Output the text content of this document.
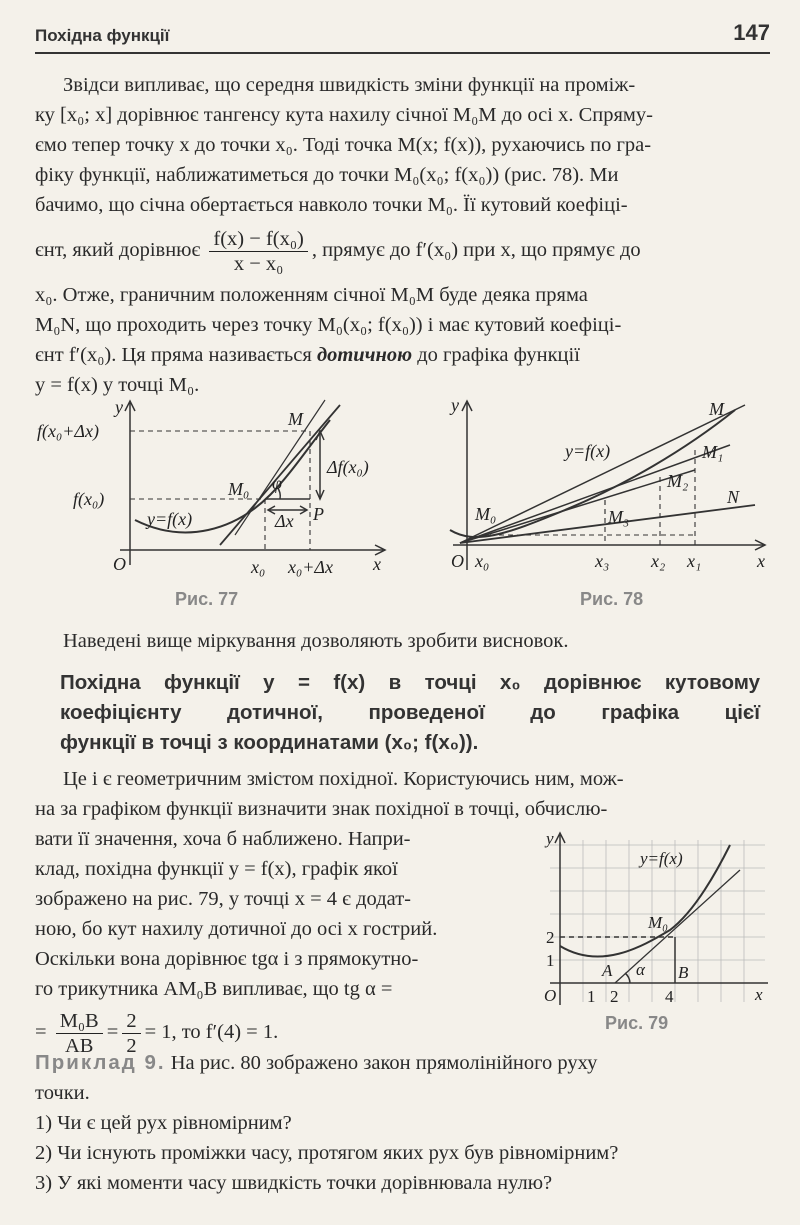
Похідна функції	147

Звідси випливає, що середня швидкість зміни функції на проміж-

ку [x₀; x] дорівнює тангенсу кута нахилу січної M₀M до осі x. Спряму-

ємо тепер точку x до точки x₀. Тоді точка M(x; f(x)), рухаючись по гра-

фіку функції, наближатиметься до точки M₀(x₀; f(x₀)) (рис. 78). Ми

бачимо, що січна обертається навколо точки M₀. Її кутовий коефіці-

єнт, який дорівнює $\frac{\text{f(x) − f(x₀)}}{\text{x − x₀}}$ , прямує до f′(x₀) при x, що прямує до

x₀. Отже, граничним положенням січної M₀M буде деяка пряма

M₀N, що проходить через точку M₀(x₀; f(x₀)) і має кутовий коефіці-

єнт f′(x₀). Ця пряма називається дотичною до графіка функції

y = f(x) у точці M₀.

y
x
O
f(x₀+Δx)
f(x₀)
M
M₀ φ
Δf(x₀)
Δx P
y=f(x)
x₀ x₀+Δx
Рис. 77
y
x
O
y=f(x)
M
M₁
M₂
M₃
M₀
N
x₀	x₃ x₂ x₁
Рис. 78

Наведені вище міркування дозволяють зробити висновок.

Похідна функції y = f(x) в точці x₀ дорівнює кутовому
коефіцієнту дотичної, проведеної до графіка цієї
функції в точці з координатами (x₀; f(x₀)).

Це і є геометричним змістом похідної. Користуючись ним, мож-

на за графіком функції визначити знак похідної в точці, обчислю-

вати її значення, хоча б наближено. Напри-
клад, похідна функції y = f(x), графік якої
зображено на рис. 79, у точці x = 4 є додат-
ною, бо кут нахилу дотичної до осі x гострий.
Оскільки вона дорівнює tgα і з прямокутно-
го трикутника AM₀B випливає, що tg α =
= $\frac{\text{M₀B}}{AB} = \frac{2}{2} = 1$, то f′(4) = 1.
y
x
O
y=f(x)
M₀
A α B
1 2	4
1
2
Рис. 79
Приклад 9. На рис. 80 зображено закон прямолінійного руху
точки.
1) Чи є цей рух рівномірним?
2) Чи існують проміжки часу, протягом яких рух був рівномірним?
3) У які моменти часу швидкість точки дорівнювала нулю?
